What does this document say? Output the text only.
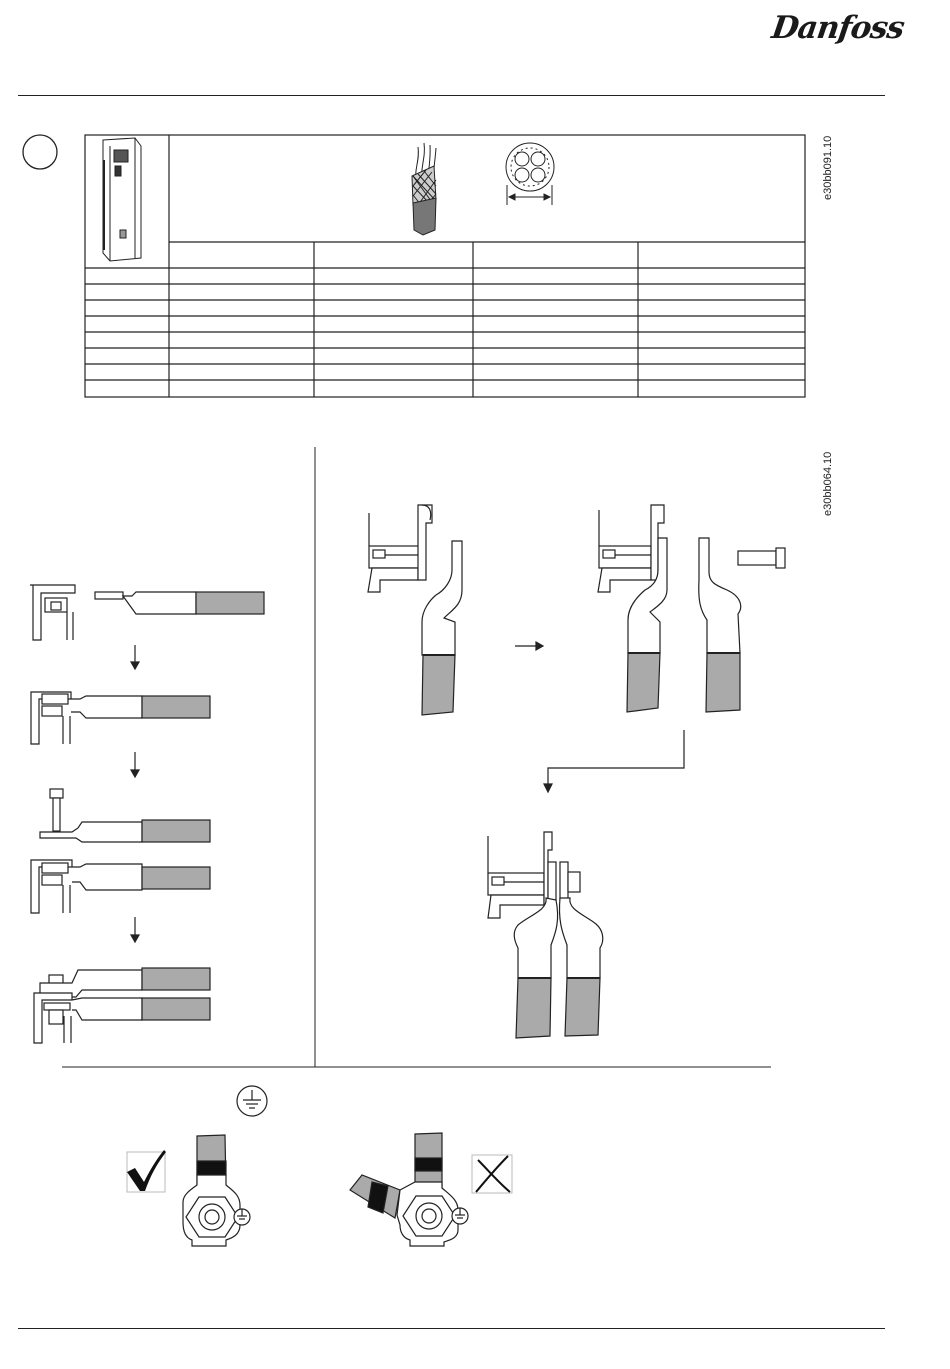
Danfoss
e30bb091.10
e30bb064.10
